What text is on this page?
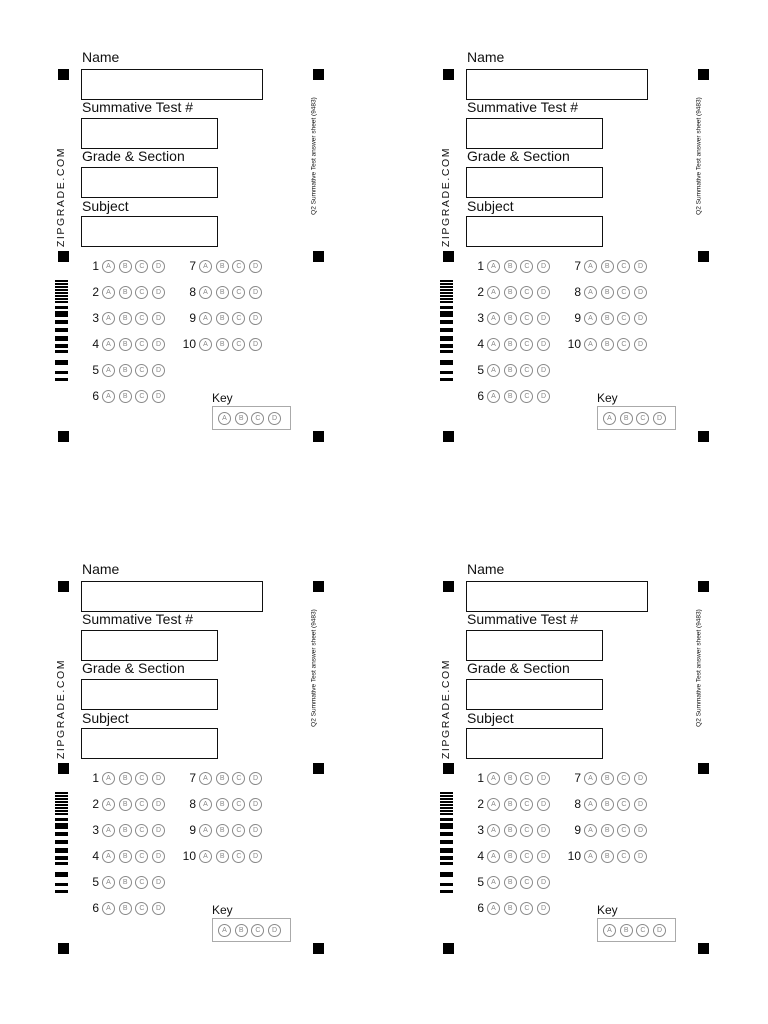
Name
Summative Test #
Grade & Section
Subject
ZIPGRADE.COM	Q2 Summative Test answer sheet (9483)
1	A	B	C	D
2	A	B	C	D
3	A	B	C	D
4	A	B	C	D
5	A	B	C	D
6	A	B	C	D
7	A	B	C	D
8	A	B	C	D
9	A	B	C	D
10	A	B	C	D
Key
A	B	C	D
Name
Summative Test #
Grade & Section
Subject
ZIPGRADE.COM	Q2 Summative Test answer sheet (9483)
1	A	B	C	D
2	A	B	C	D
3	A	B	C	D
4	A	B	C	D
5	A	B	C	D
6	A	B	C	D
7	A	B	C	D
8	A	B	C	D
9	A	B	C	D
10	A	B	C	D
Key
A	B	C	D
Name
Summative Test #
Grade & Section
Subject
ZIPGRADE.COM	Q2 Summative Test answer sheet (9483)
1	A	B	C	D
2	A	B	C	D
3	A	B	C	D
4	A	B	C	D
5	A	B	C	D
6	A	B	C	D
7	A	B	C	D
8	A	B	C	D
9	A	B	C	D
10	A	B	C	D
Key
A	B	C	D
Name
Summative Test #
Grade & Section
Subject
ZIPGRADE.COM	Q2 Summative Test answer sheet (9483)
1	A	B	C	D
2	A	B	C	D
3	A	B	C	D
4	A	B	C	D
5	A	B	C	D
6	A	B	C	D
7	A	B	C	D
8	A	B	C	D
9	A	B	C	D
10	A	B	C	D
Key
A	B	C	D
